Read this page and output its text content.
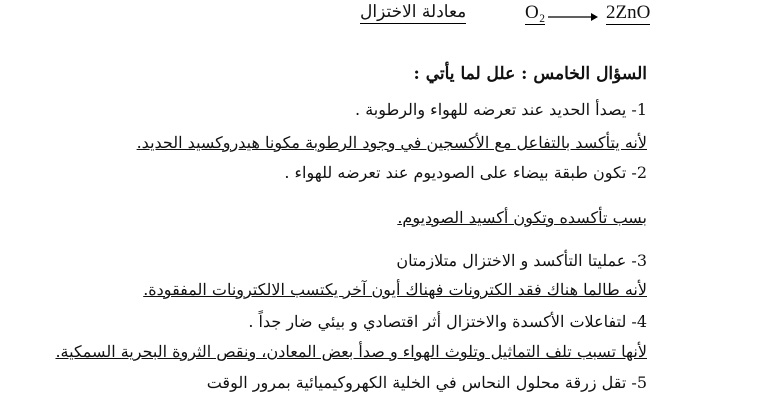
معادلة الاختزال	O₂ → 2ZnO
السؤال الخامس : علل لما يأتي :
1- يصدأ الحديد عند تعرضه للهواء والرطوبة .
لأنه يتأكسد بالتفاعل مع الأكسجين في وجود الرطوبة مكونا هيدروكسيد الحديد.
2- تكون طبقة بيضاء على الصوديوم عند تعرضه للهواء .
بسب تأكسده وتكون أكسيد الصوديوم.
3- عمليتا التأكسد و الاختزال متلازمتان
لأنه طالما هناك فقد الكترونات فهناك أيون آخر يكتسب الالكترونات المفقودة.
4- لتفاعلات الأكسدة والاختزال أثر اقتصادي و بيئي ضار جداً .
لأنها تسبب تلف التماثيل وتلوث الهواء و صدأ بعض المعادن، ونقص الثروة البحرية السمكية.
5- تقل زرقة محلول النحاس في الخلية الكهروكيميائية بمرور الوقت
